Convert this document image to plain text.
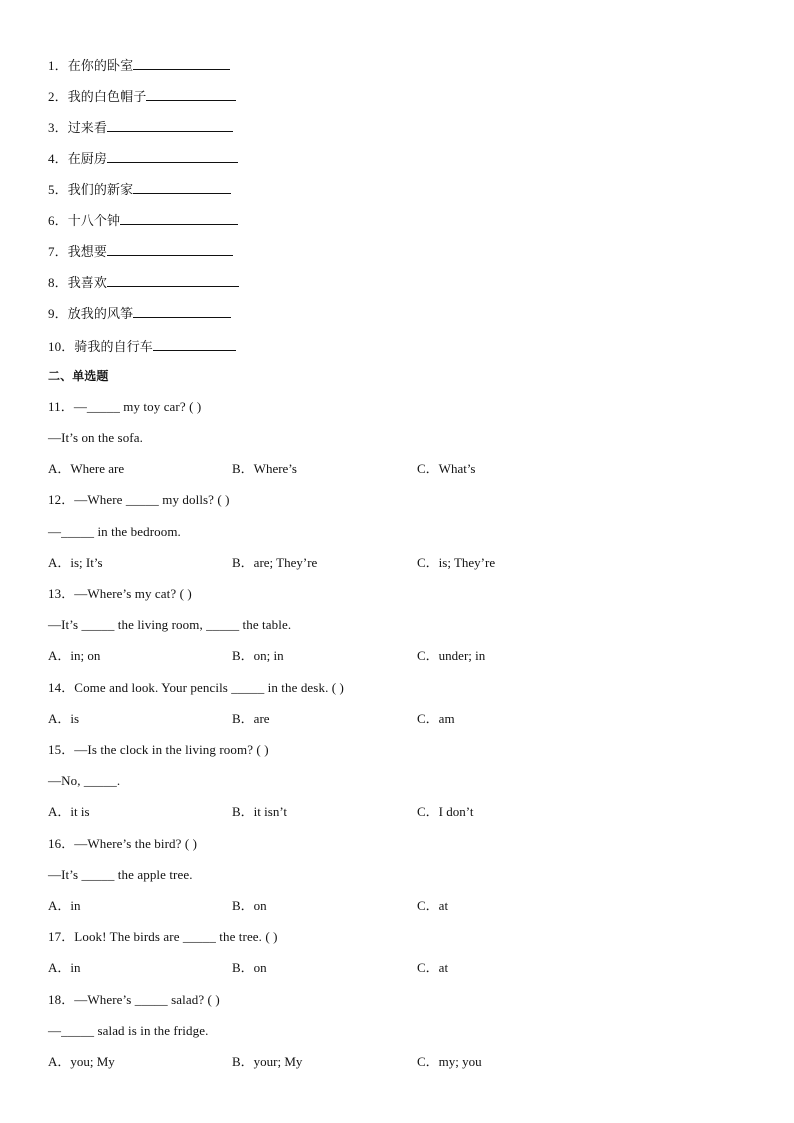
1．在你的卧室
2．我的白色帽子
3．过来看
4．在厨房
5．我们的新家
6．十八个钟
7．我想要
8．我喜欢
9．放我的风筝
10．骑我的自行车
二、单选题
11．—_____ my toy car? ( )
—It’s on the sofa.
A．Where are	B．Where’s	C．What’s
12．—Where _____ my dolls? ( )
—_____ in the bedroom.
A．is; It’s	B．are; They’re	C．is; They’re
13．—Where’s my cat? ( )
—It’s _____ the living room, _____ the table.
A．in; on	B．on; in	C．under; in
14．Come and look. Your pencils _____ in the desk. ( )
A．is	B．are	C．am
15．—Is the clock in the living room? ( )
—No, _____.
A．it is	B．it isn’t	C．I don’t
16．—Where’s the bird? ( )
—It’s _____ the apple tree.
A．in	B．on	C．at
17．Look! The birds are _____ the tree. ( )
A．in	B．on	C．at
18．—Where’s _____ salad? ( )
—_____ salad is in the fridge.
A．you; My	B．your; My	C．my; you
